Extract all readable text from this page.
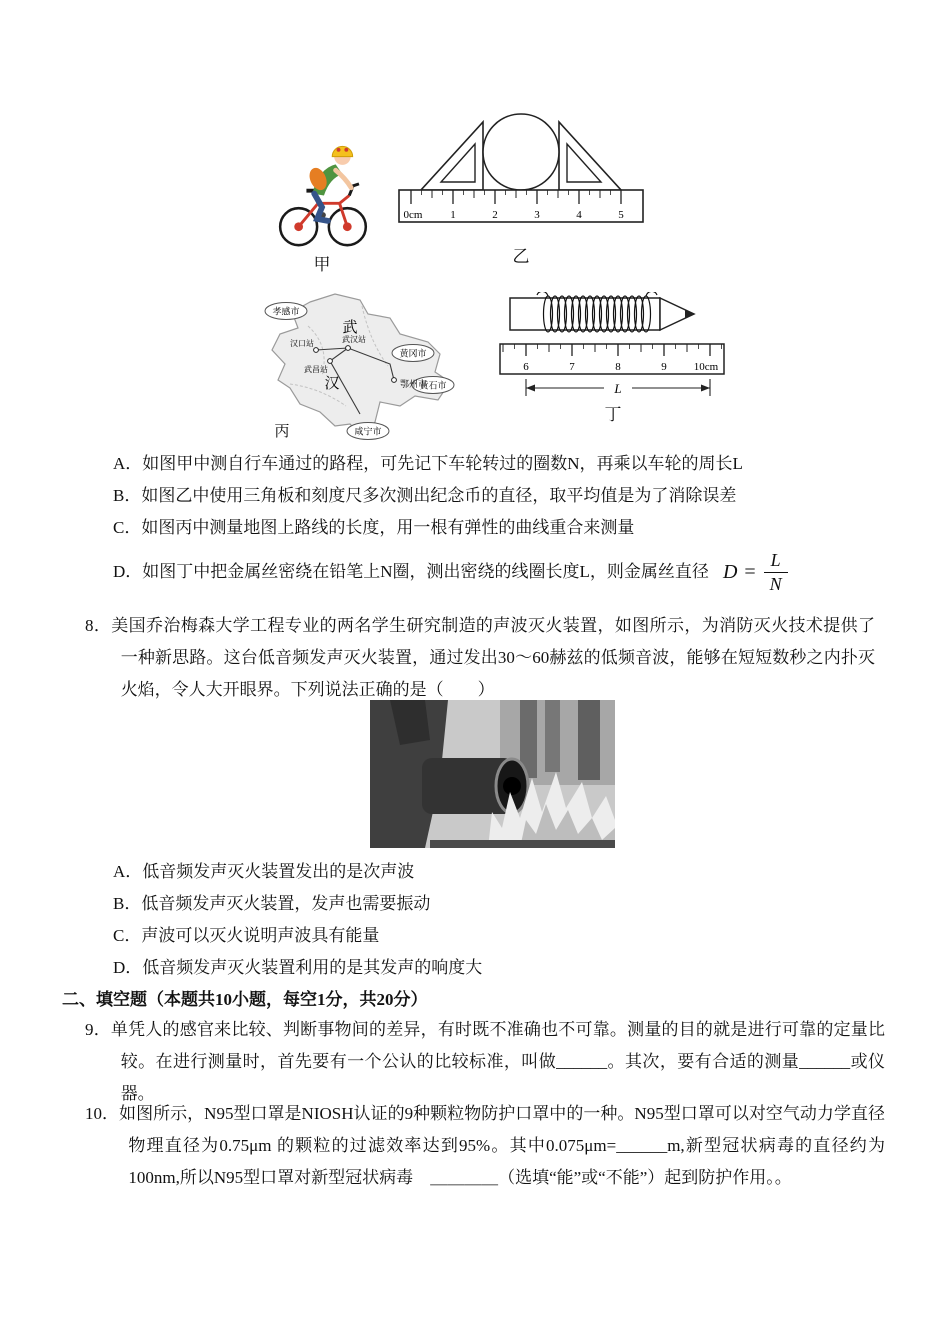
甲
0cm	1	2	3	4	5
乙
孝感市
黄冈市
黄石市
咸宁市
鄂州市
汉口站	武汉站
武昌站
武
汉
丙
6	7	8	9 10cm
L
丁
A．如图甲中测自行车通过的路程，可先记下车轮转过的圈数N，再乘以车轮的周长L
B．如图乙中使用三角板和刻度尺多次测出纪念币的直径，取平均值是为了消除误差
C．如图丙中测量地图上路线的长度，用一根有弹性的曲线重合来测量
D．如图丁中把金属丝密绕在铅笔上N圈，测出密绕的线圈长度L，则金属丝直径 $D = \frac{L}{N}$
8．美国乔治梅森大学工程专业的两名学生研究制造的声波灭火装置，如图所示，为消防灭火技术提供了一种新思路。这台低音频发声灭火装置，通过发出30～60赫兹的低频音波，能够在短短数秒之内扑灭火焰，令人大开眼界。下列说法正确的是（　　）
A．低音频发声灭火装置发出的是次声波
B．低音频发声灭火装置，发声也需要振动
C．声波可以灭火说明声波具有能量
D．低音频发声灭火装置利用的是其发声的响度大
二、填空题（本题共10小题，每空1分，共20分）
9．单凭人的感官来比较、判断事物间的差异，有时既不准确也不可靠。测量的目的就是进行可靠的定量比较。在进行测量时，首先要有一个公认的比较标准，叫做______。其次，要有合适的测量______或仪器。
10．如图所示，N95型口罩是NIOSH认证的9种颗粒物防护口罩中的一种。N95型口罩可以对空气动力学直径物理直径为0.75μm 的颗粒的过滤效率达到95%。其中0.075μm=______m,新型冠状病毒的直径约为100nm,所以N95型口罩对新型冠状病毒　＿＿＿＿（选填“能”或“不能”）起到防护作用。。
